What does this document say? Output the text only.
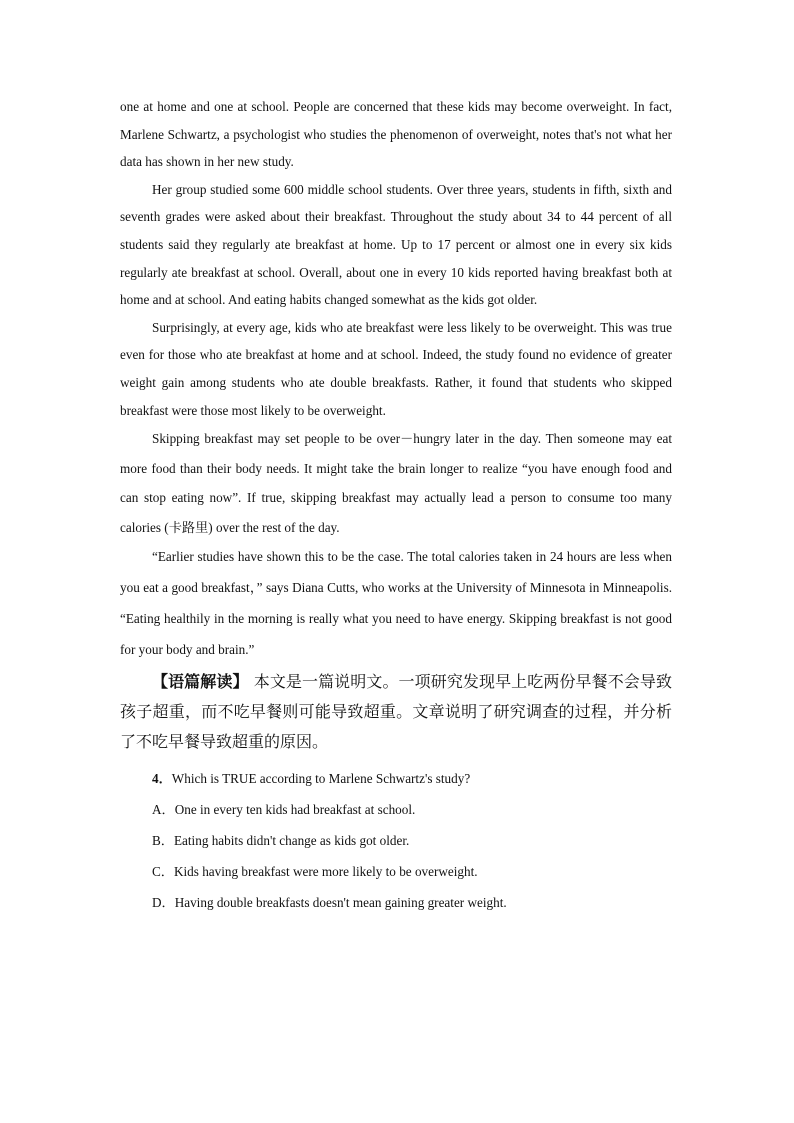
one at home and one at school. People are concerned that these kids may become overweight. In fact, Marlene Schwartz, a psychologist who studies the phenomenon of overweight, notes that's not what her data has shown in her new study.

Her group studied some 600 middle school students. Over three years, students in fifth, sixth and seventh grades were asked about their breakfast. Throughout the study about 34 to 44 percent of all students said they regularly ate breakfast at home. Up to 17 percent or almost one in every six kids regularly ate breakfast at school. Overall, about one in every 10 kids reported having breakfast both at home and at school. And eating habits changed somewhat as the kids got older.

Surprisingly, at every age, kids who ate breakfast were less likely to be overweight. This was true even for those who ate breakfast at home and at school. Indeed, the study found no evidence of greater weight gain among students who ate double breakfasts. Rather, it found that students who skipped breakfast were those most likely to be overweight.

Skipping breakfast may set people to be over－hungry later in the day. Then someone may eat more food than their body needs. It might take the brain longer to realize “you have enough food and can stop eating now”. If true, skipping breakfast may actually lead a person to consume too many calories (卡路里) over the rest of the day.

“Earlier studies have shown this to be the case. The total calories taken in 24 hours are less when you eat a good breakfast，” says Diana Cutts, who works at the University of Minnesota in Minneapolis. “Eating healthily in the morning is really what you need to have energy. Skipping breakfast is not good for your body and brain.”

【语篇解读】 本文是一篇说明文。一项研究发现早上吃两份早餐不会导致孩子超重，而不吃早餐则可能导致超重。文章说明了研究调查的过程，并分析了不吃早餐导致超重的原因。

4．Which is TRUE according to Marlene Schwartz's study?

A．One in every ten kids had breakfast at school.

B．Eating habits didn't change as kids got older.

C．Kids having breakfast were more likely to be overweight.

D．Having double breakfasts doesn't mean gaining greater weight.
